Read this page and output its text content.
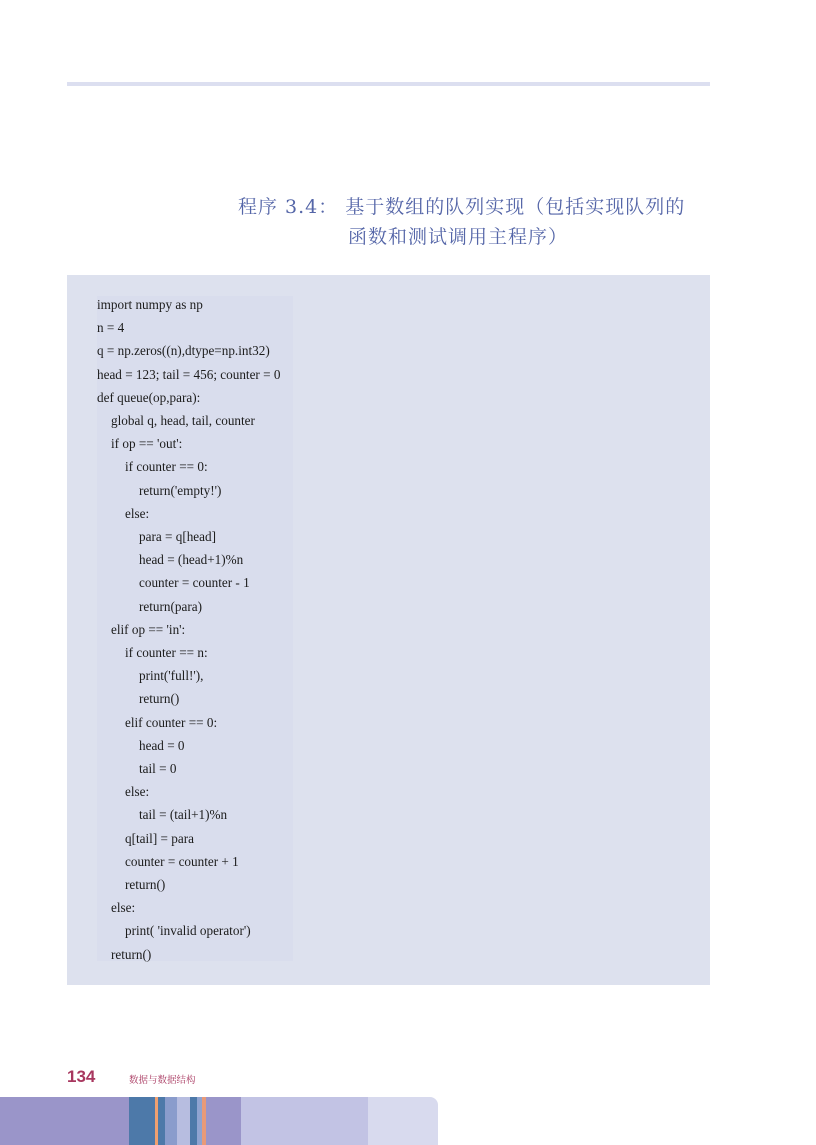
程序 3.4： 基于数组的队列实现（包括实现队列的
函数和测试调用主程序）
import numpy as np
n = 4
q = np.zeros((n),dtype=np.int32)
head = 123; tail = 456; counter = 0
def queue(op,para):
global q, head, tail, counter
if op == 'out':
if counter == 0:
return('empty!')
else:
para = q[head]
head = (head+1)%n
counter = counter - 1
return(para)
elif op == 'in':
if counter == n:
print('full!'),
return()
elif counter == 0:
head = 0
tail = 0
else:
tail = (tail+1)%n
q[tail] = para
counter = counter + 1
return()
else:
print( 'invalid operator')
return()
134	数据与数据结构
